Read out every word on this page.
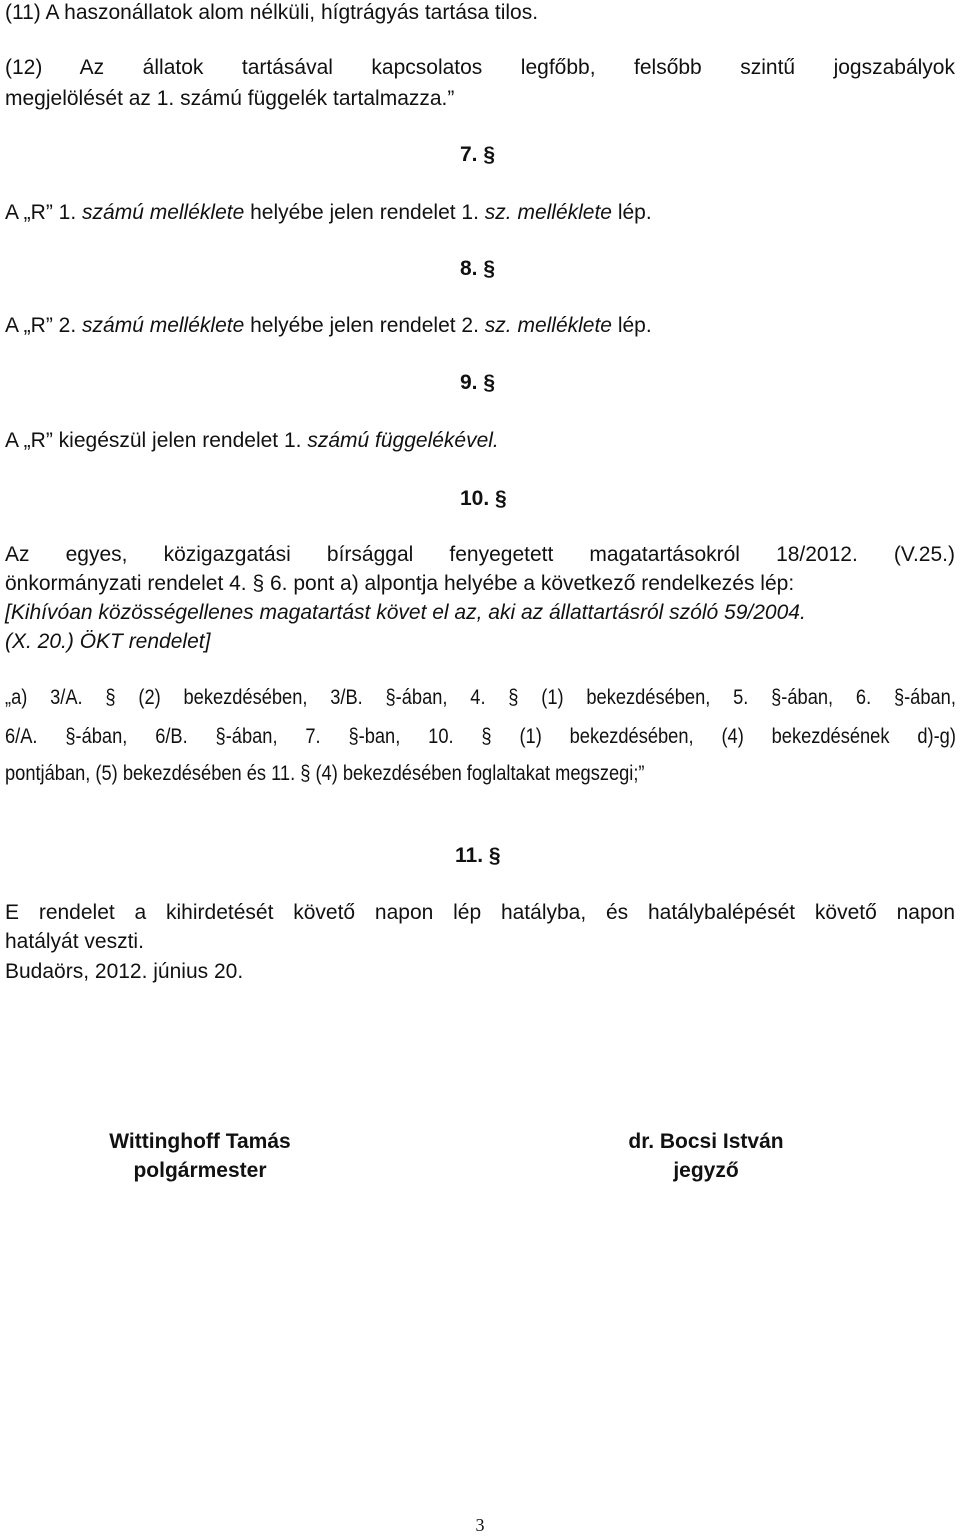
(11) A haszonállatok alom nélküli, hígtrágyás tartása tilos.
(12) Az állatok tartásával kapcsolatos legfőbb, felsőbb szintű jogszabályok
megjelölését az 1. számú függelék tartalmazza.”
7. §
A „R” 1. számú melléklete helyébe jelen rendelet 1. sz. melléklete lép.
8. §
A „R” 2. számú melléklete helyébe jelen rendelet 2. sz. melléklete lép.
9. §
A „R” kiegészül jelen rendelet 1. számú függelékével.
10. §
Az egyes, közigazgatási bírsággal fenyegetett magatartásokról 18/2012. (V.25.)
önkormányzati rendelet 4. § 6. pont a) alpontja helyébe a következő rendelkezés lép:
[Kihívóan közösségellenes magatartást követ el az, aki az állattartásról szóló 59/2004.
(X. 20.) ÖKT rendelet]
„a) 3/A. § (2) bekezdésében, 3/B. §-ában, 4. § (1) bekezdésében, 5. §-ában, 6. §-ában,
6/A. §-ában, 6/B. §-ában, 7. §-ban, 10. § (1) bekezdésében, (4) bekezdésének d)-g)
pontjában, (5) bekezdésében és 11. § (4) bekezdésében foglaltakat megszegi;”
11. §
E rendelet a kihirdetését követő napon lép hatályba, és hatálybalépését követő napon
hatályát veszti.
Budaörs, 2012. június 20.
Wittinghoff Tamás
polgármester
dr. Bocsi István
jegyző
3
